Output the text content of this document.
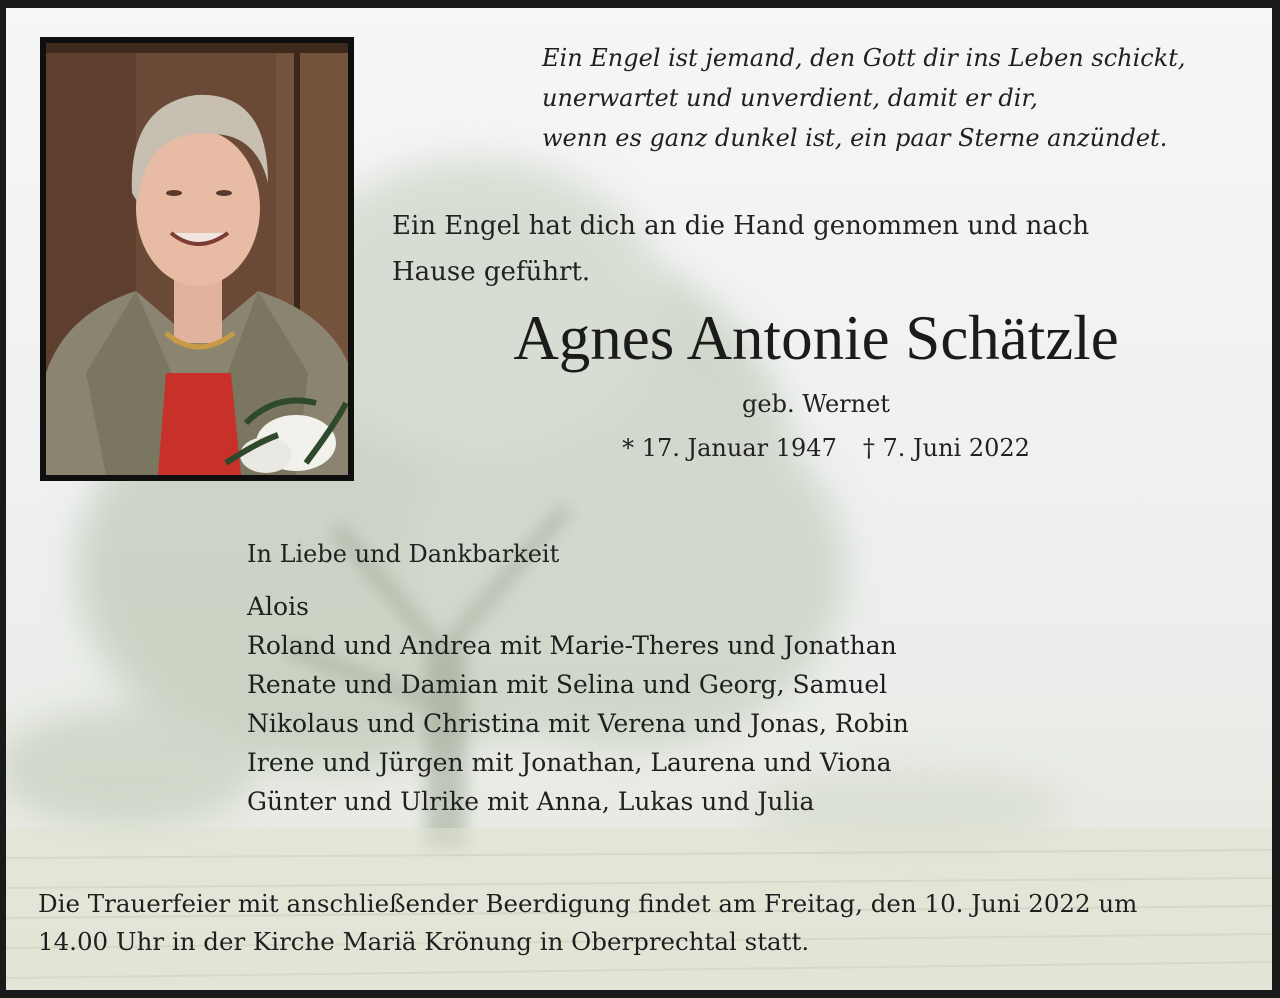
Ein Engel ist jemand, den Gott dir ins Leben schickt,
unerwartet und unverdient, damit er dir,
wenn es ganz dunkel ist, ein paar Sterne anzündet.
Ein Engel hat dich an die Hand genommen und nach
Hause geführt.
Agnes Antonie Schätzle
geb. Wernet
* 17. Januar 1947 † 7. Juni 2022
In Liebe und Dankbarkeit
Alois
Roland und Andrea mit Marie-Theres und Jonathan
Renate und Damian mit Selina und Georg, Samuel
Nikolaus und Christina mit Verena und Jonas, Robin
Irene und Jürgen mit Jonathan, Laurena und Viona
Günter und Ulrike mit Anna, Lukas und Julia
Die Trauerfeier mit anschließender Beerdigung findet am Freitag, den 10. Juni 2022 um
14.00 Uhr in der Kirche Mariä Krönung in Oberprechtal statt.
